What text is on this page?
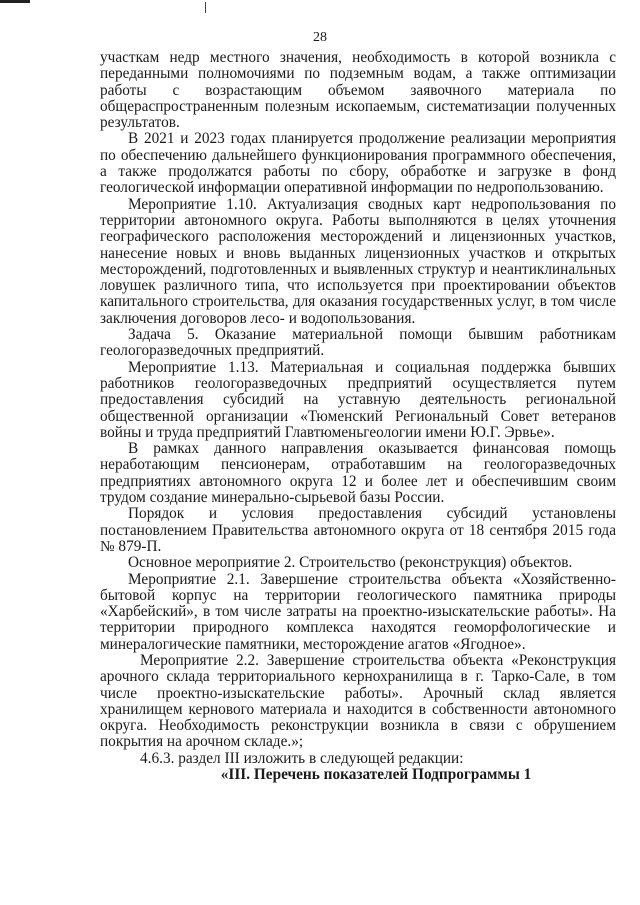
28

участкам недр местного значения, необходимость в которой возникла с переданными полномочиями по подземным водам, а также оптимизации работы с возрастающим объемом заявочного материала по общераспространенным полезным ископаемым, систематизации полученных результатов.

В 2021 и 2023 годах планируется продолжение реализации мероприятия по обеспечению дальнейшего функционирования программного обеспечения, а также продолжатся работы по сбору, обработке и загрузке в фонд геологической информации оперативной информации по недропользованию.

Мероприятие 1.10. Актуализация сводных карт недропользования по территории автономного округа. Работы выполняются в целях уточнения географического расположения месторождений и лицензионных участков, нанесение новых и вновь выданных лицензионных участков и открытых месторождений, подготовленных и выявленных структур и неантиклинальных ловушек различного типа, что используется при проектировании объектов капитального строительства, для оказания государственных услуг, в том числе заключения договоров лесо- и водопользования.

Задача 5. Оказание материальной помощи бывшим работникам геологоразведочных предприятий.

Мероприятие 1.13. Материальная и социальная поддержка бывших работников геологоразведочных предприятий осуществляется путем предоставления субсидий на уставную деятельность региональной общественной организации «Тюменский Региональный Совет ветеранов войны и труда предприятий Главтюменьгеологии имени Ю.Г. Эрвье».

В рамках данного направления оказывается финансовая помощь неработающим пенсионерам, отработавшим на геологоразведочных предприятиях автономного округа 12 и более лет и обеспечившим своим трудом создание минерально-сырьевой базы России.

Порядок и условия предоставления субсидий установлены постановлением Правительства автономного округа от 18 сентября 2015 года № 879-П.

Основное мероприятие 2. Строительство (реконструкция) объектов.

Мероприятие 2.1. Завершение строительства объекта «Хозяйственно-бытовой корпус на территории геологического памятника природы «Харбейский», в том числе затраты на проектно-изыскательские работы». На территории природного комплекса находятся геоморфологические и минералогические памятники, месторождение агатов «Ягодное».

Мероприятие 2.2. Завершение строительства объекта «Реконструкция арочного склада территориального кернохранилища в г. Тарко-Сале, в том числе проектно-изыскательские работы». Арочный склад является хранилищем кернового материала и находится в собственности автономного округа. Необходимость реконструкции возникла в связи с обрушением покрытия на арочном складе.»;

4.6.3. раздел III изложить в следующей редакции:

«III. Перечень показателей Подпрограммы 1
